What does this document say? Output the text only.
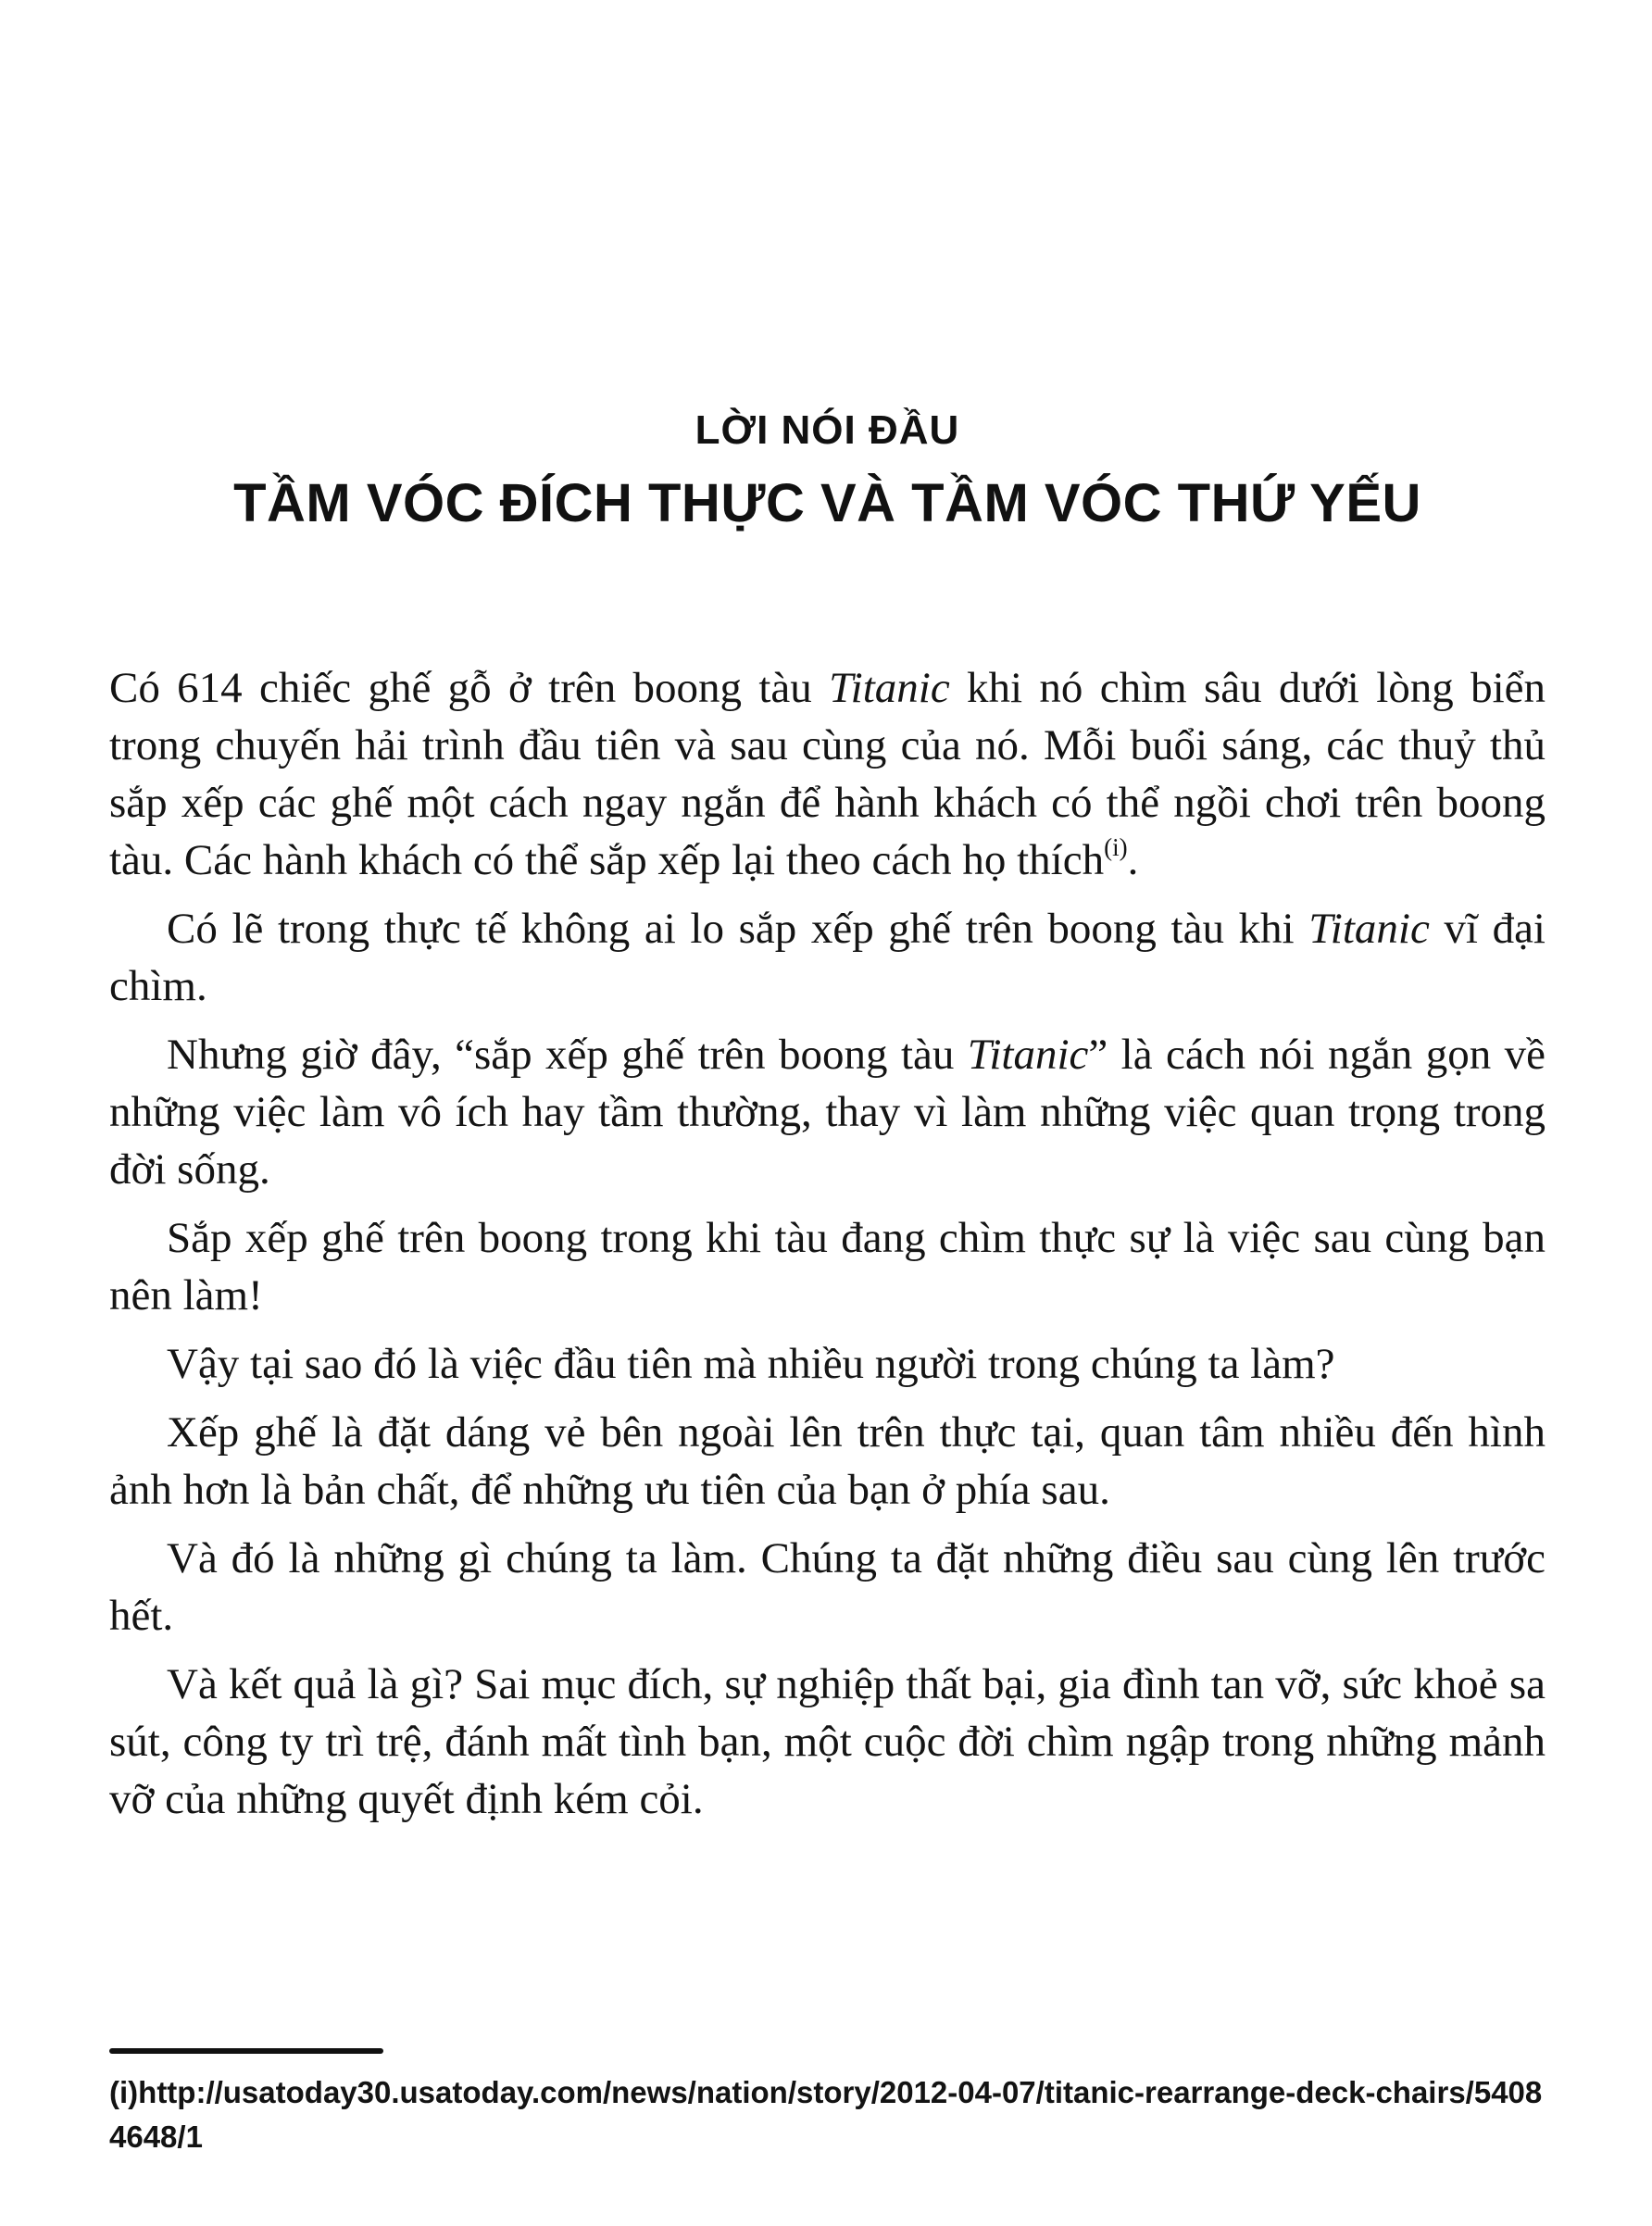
LỜI NÓI ĐẦU
TẦM VÓC ĐÍCH THỰC VÀ TẦM VÓC THỨ YẾU

Có 614 chiếc ghế gỗ ở trên boong tàu Titanic khi nó chìm sâu dưới lòng biển trong chuyến hải trình đầu tiên và sau cùng của nó. Mỗi buổi sáng, các thuỷ thủ sắp xếp các ghế một cách ngay ngắn để hành khách có thể ngồi chơi trên boong tàu. Các hành khách có thể sắp xếp lại theo cách họ thích$^{(i)}$.

Có lẽ trong thực tế không ai lo sắp xếp ghế trên boong tàu khi Titanic vĩ đại chìm.

Nhưng giờ đây, “sắp xếp ghế trên boong tàu Titanic” là cách nói ngắn gọn về những việc làm vô ích hay tầm thường, thay vì làm những việc quan trọng trong đời sống.

Sắp xếp ghế trên boong trong khi tàu đang chìm thực sự là việc sau cùng bạn nên làm!

Vậy tại sao đó là việc đầu tiên mà nhiều người trong chúng ta làm?

Xếp ghế là đặt dáng vẻ bên ngoài lên trên thực tại, quan tâm nhiều đến hình ảnh hơn là bản chất, để những ưu tiên của bạn ở phía sau.

Và đó là những gì chúng ta làm. Chúng ta đặt những điều sau cùng lên trước hết.

Và kết quả là gì? Sai mục đích, sự nghiệp thất bại, gia đình tan vỡ, sức khoẻ sa sút, công ty trì trệ, đánh mất tình bạn, một cuộc đời chìm ngập trong những mảnh vỡ của những quyết định kém cỏi.

(i)http://usatoday30.usatoday.com/news/nation/story/2012-04-07/titanic-rearrange-deck-chairs/54084648/1
